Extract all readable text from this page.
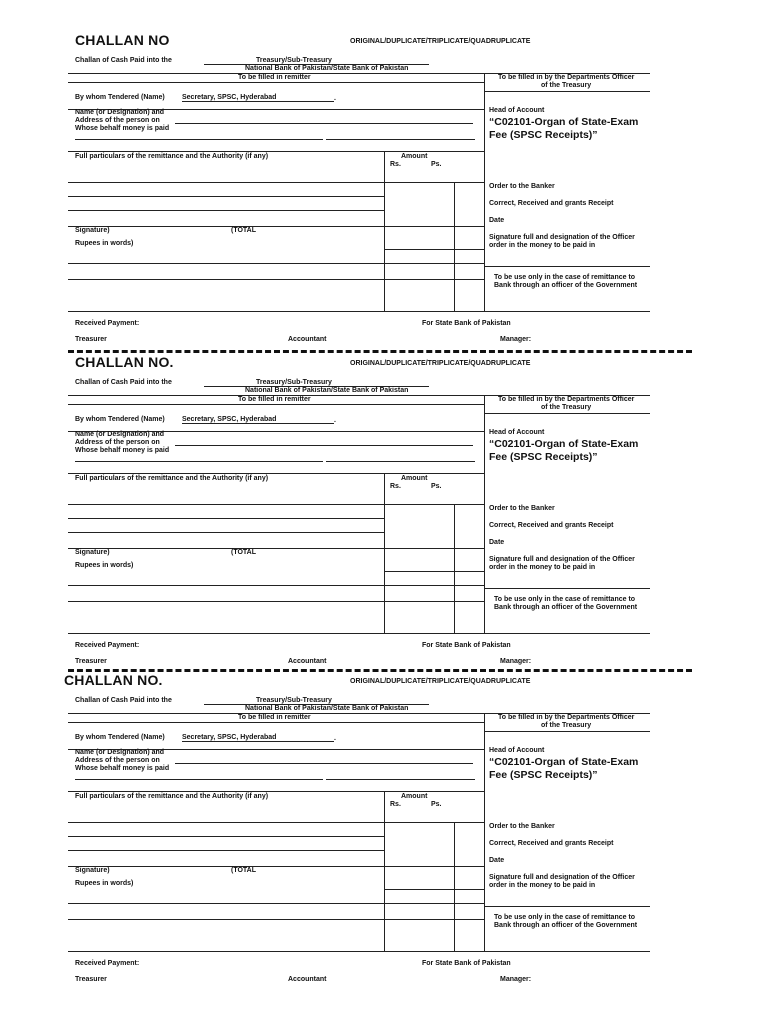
CHALLAN NO	ORIGINAL/DUPLICATE/TRIPLICATE/QUADRUPLICATE
Challan of Cash Paid into the	Treasury/Sub-Treasury
National Bank of Pakistan/State Bank of Pakistan
To be filled in remitter	To be filled in by the Departments Officer
of the Treasury
By whom Tendered (Name) Secretary, SPSC, Hyderabad	.
Head of Account
“C02101-Organ of State-Exam
Fee (SPSC Receipts)”
Name (or Designation) and
Address of the person on
Whose behalf money is paid
Full particulars of the remittance and the Authority (if any)	Amount
Rs.	Ps.
Order to the Banker
Correct, Received and grants Receipt
Date
Signature)	(TOTAL
Rupees in words)
Signature full and designation of the Officer
order in the money to be paid in
To be use only in the case of remittance to
Bank through an officer of the Government
Received Payment:	For State Bank of Pakistan
Treasurer	Accountant	Manager:
CHALLAN NO.	ORIGINAL/DUPLICATE/TRIPLICATE/QUADRUPLICATE
Challan of Cash Paid into the	Treasury/Sub-Treasury
National Bank of Pakistan/State Bank of Pakistan
To be filled in remitter	To be filled in by the Departments Officer
of the Treasury
By whom Tendered (Name) Secretary, SPSC, Hyderabad	.
Head of Account
“C02101-Organ of State-Exam
Fee (SPSC Receipts)”
Name (or Designation) and
Address of the person on
Whose behalf money is paid
Full particulars of the remittance and the Authority (if any)	Amount
Rs.	Ps.
Order to the Banker
Correct, Received and grants Receipt
Date
Signature)	(TOTAL
Rupees in words)
Signature full and designation of the Officer
order in the money to be paid in
To be use only in the case of remittance to
Bank through an officer of the Government
Received Payment:	For State Bank of Pakistan
Treasurer	Accountant	Manager:
CHALLAN NO.	ORIGINAL/DUPLICATE/TRIPLICATE/QUADRUPLICATE
Challan of Cash Paid into the	Treasury/Sub-Treasury
National Bank of Pakistan/State Bank of Pakistan
To be filled in remitter	To be filled in by the Departments Officer
of the Treasury
By whom Tendered (Name) Secretary, SPSC, Hyderabad	.
Head of Account
“C02101-Organ of State-Exam
Fee (SPSC Receipts)”
Name (or Designation) and
Address of the person on
Whose behalf money is paid
Full particulars of the remittance and the Authority (if any)	Amount
Rs.	Ps.
Order to the Banker
Correct, Received and grants Receipt
Date
Signature)	(TOTAL
Rupees in words)
Signature full and designation of the Officer
order in the money to be paid in
To be use only in the case of remittance to
Bank through an officer of the Government
Received Payment:	For State Bank of Pakistan
Treasurer	Accountant	Manager:
